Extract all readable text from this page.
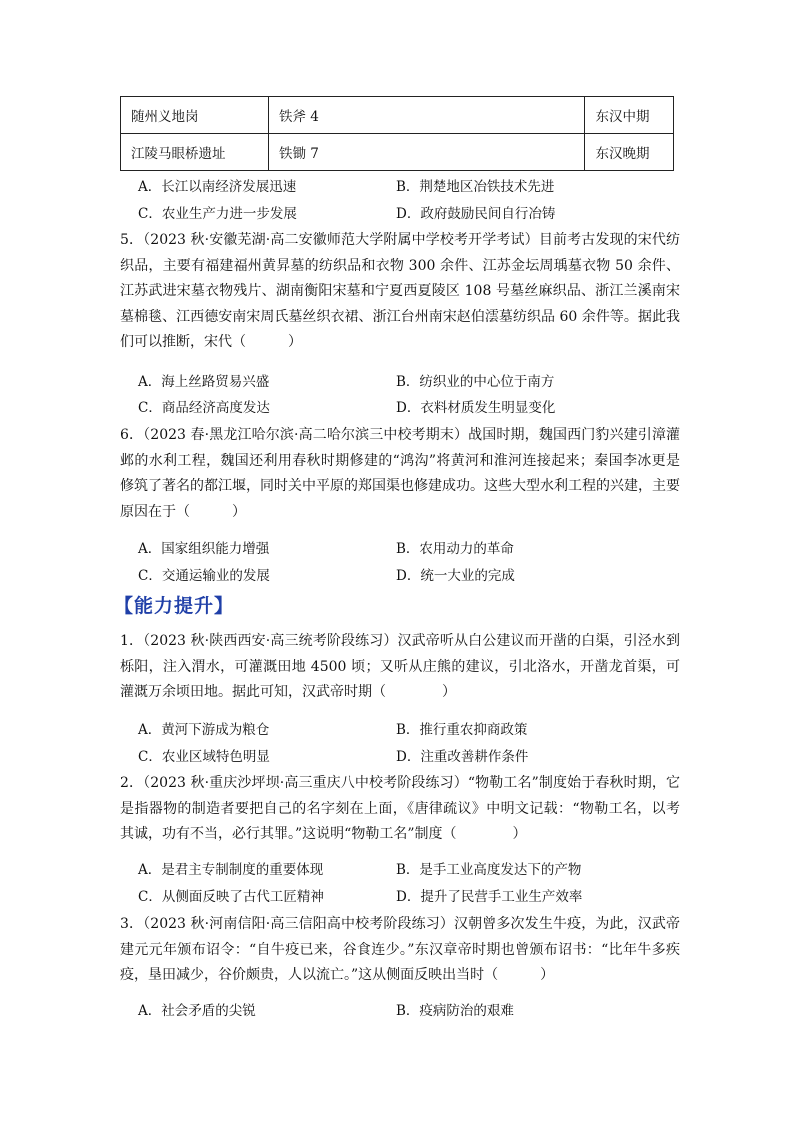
随州义地岗	铁斧 4	东汉中期
江陵马眼桥遗址	铁锄 7	东汉晚期
A．长江以南经济发展迅速	B．荆楚地区冶铁技术先进
C．农业生产力进一步发展	D．政府鼓励民间自行冶铸
5．（2023 秋·安徽芜湖·高二安徽师范大学附属中学校考开学考试）目前考古发现的宋代纺织品，主要有福建福州黄昇墓的纺织品和衣物 300 余件、江苏金坛周瑀墓衣物 50 余件、江苏武进宋墓衣物残片、湖南衡阳宋墓和宁夏西夏陵区 108 号墓丝麻织品、浙江兰溪南宋墓棉毯、江西德安南宋周氏墓丝织衣裙、浙江台州南宋赵伯澐墓纺织品 60 余件等。据此我们可以推断，宋代（　　　）
A．海上丝路贸易兴盛	B．纺织业的中心位于南方
C．商品经济高度发达	D．衣料材质发生明显变化
6．（2023 春·黑龙江哈尔滨·高二哈尔滨三中校考期末）战国时期，魏国西门豹兴建引漳灌邺的水利工程，魏国还利用春秋时期修建的“鸿沟”将黄河和淮河连接起来；秦国李冰更是修筑了著名的都江堰，同时关中平原的郑国渠也修建成功。这些大型水利工程的兴建，主要原因在于（　　　）
A．国家组织能力增强	B．农用动力的革命
C．交通运输业的发展	D．统一大业的完成
【能力提升】
1．（2023 秋·陕西西安·高三统考阶段练习）汉武帝听从白公建议而开凿的白渠，引泾水到栎阳，注入渭水，可灌溉田地 4500 顷；又听从庄熊的建议，引北洛水，开凿龙首渠，可灌溉万余顷田地。据此可知，汉武帝时期（　　　　）
A．黄河下游成为粮仓	B．推行重农抑商政策
C．农业区域特色明显	D．注重改善耕作条件
2．（2023 秋·重庆沙坪坝·高三重庆八中校考阶段练习）“物勒工名”制度始于春秋时期，它是指器物的制造者要把自己的名字刻在上面，《唐律疏议》中明文记载：“物勒工名，以考其诚，功有不当，必行其罪。”这说明“物勒工名”制度（　　　　）
A．是君主专制制度的重要体现	B．是手工业高度发达下的产物
C．从侧面反映了古代工匠精神	D．提升了民营手工业生产效率
3．（2023 秋·河南信阳·高三信阳高中校考阶段练习）汉朝曾多次发生牛疫，为此，汉武帝建元元年颁布诏令：“自牛疫已来，谷食连少。”东汉章帝时期也曾颁布诏书：“比年牛多疾疫，垦田减少，谷价颇贵，人以流亡。”这从侧面反映出当时（　　　）
A．社会矛盾的尖锐	B．疫病防治的艰难
